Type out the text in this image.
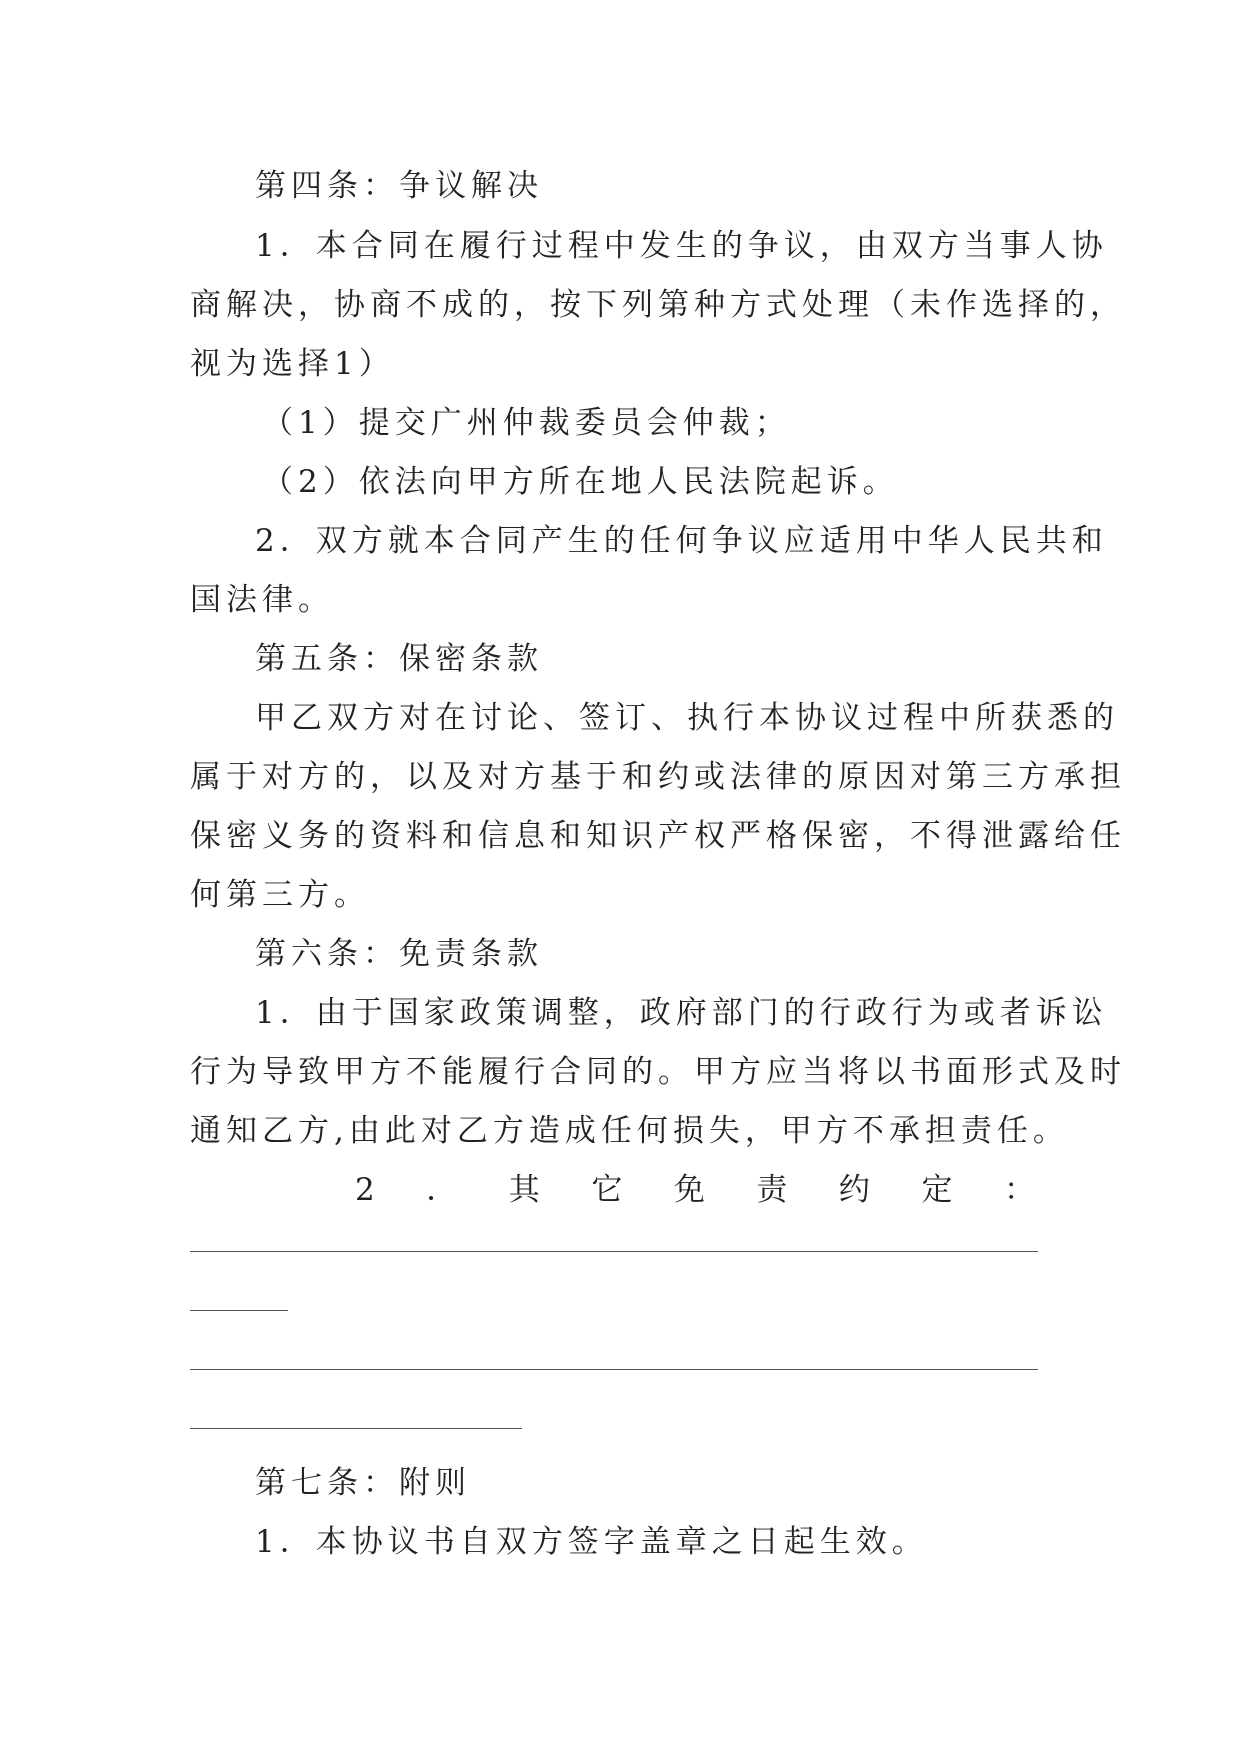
第四条：争议解决
1．本合同在履行过程中发生的争议，由双方当事人协
商解决，协商不成的，按下列第种方式处理（未作选择的，
视为选择1）
（1）提交广州仲裁委员会仲裁；
（2）依法向甲方所在地人民法院起诉。
2．双方就本合同产生的任何争议应适用中华人民共和
国法律。
第五条：保密条款
甲乙双方对在讨论、签订、执行本协议过程中所获悉的
属于对方的，以及对方基于和约或法律的原因对第三方承担
保密义务的资料和信息和知识产权严格保密，不得泄露给任
何第三方。
第六条：免责条款
1．由于国家政策调整，政府部门的行政行为或者诉讼
行为导致甲方不能履行合同的。甲方应当将以书面形式及时
通知乙方,由此对乙方造成任何损失，甲方不承担责任。
2 ． 其 它 免 责 约 定 ：
第七条：附则
1．本协议书自双方签字盖章之日起生效。
